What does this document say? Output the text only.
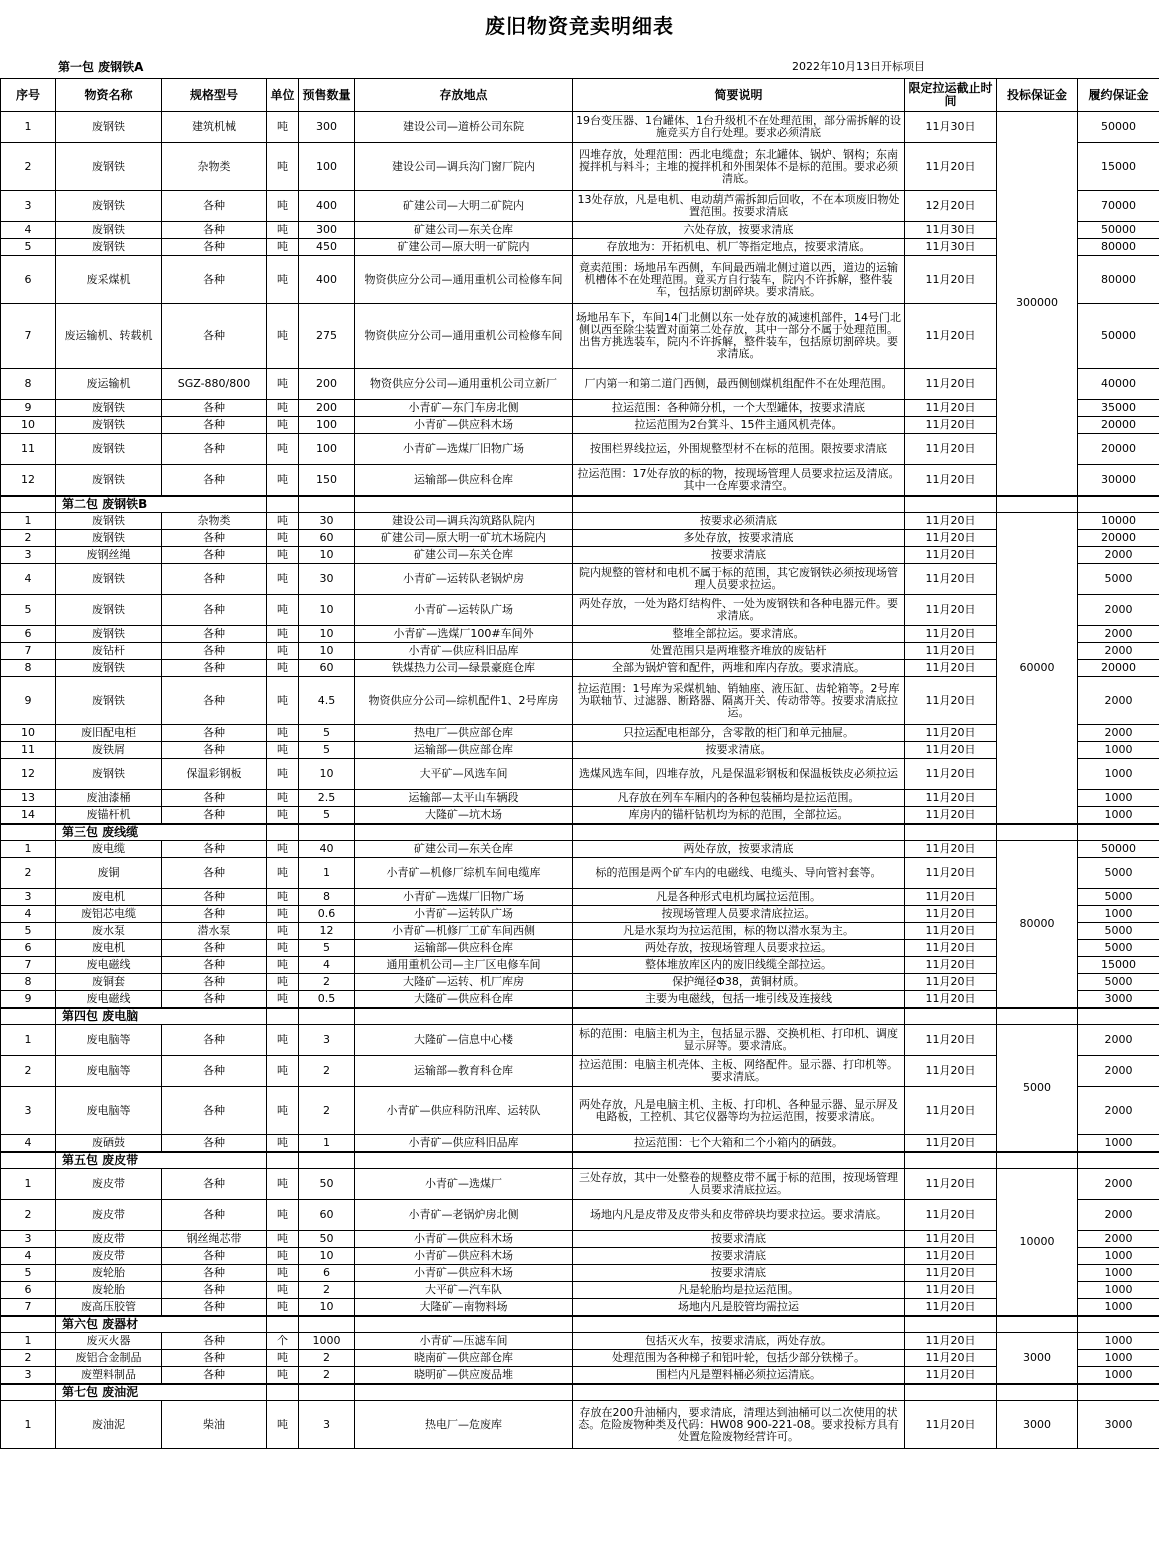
废旧物资竞卖明细表
第一包 废钢铁A	2022年10月13日开标项目
序号	物资名称	规格型号	单位	预售数量	存放地点	简要说明	限定拉运截止时间	投标保证金	履约保证金
1	废钢铁	建筑机械	吨	300	建设公司—道桥公司东院	19台变压器、1台罐体、1台升级机不在处理范围，部分需拆解的设施竞买方自行处理。要求必须清底	11月30日	300000	50000
2	废钢铁	杂物类	吨	100	建设公司—调兵沟门窗厂院内	四堆存放，处理范围：西北电缆盘；东北罐体、锅炉、钢构；东南搅拌机与料斗；主堆的搅拌机和外围架体不是标的范围。要求必须清底。	11月20日		15000
3	废钢铁	各种	吨	400	矿建公司—大明二矿院内	13处存放，凡是电机、电动葫芦需拆卸后回收，不在本项废旧物处置范围。按要求清底	12月20日		70000
4	废钢铁	各种	吨	300	矿建公司—东关仓库	六处存放，按要求清底	11月30日		50000
5	废钢铁	各种	吨	450	矿建公司—原大明一矿院内	存放地为：开拓机电、机厂等指定地点，按要求清底。	11月30日		80000
6	废采煤机	各种	吨	400	物资供应分公司—通用重机公司检修车间	竟卖范围：场地吊车西侧，车间最西端北侧过道以西，道边的运输机槽体不在处理范围。竟买方自行装车，院内不许拆解，整件装车，包括原切割碎块。要求清底。	11月20日		80000
7	废运输机、转载机	各种	吨	275	物资供应分公司—通用重机公司检修车间	场地吊车下，车间14门北侧以东一处存放的减速机部件，14号门北侧以西至除尘装置对面第二处存放，其中一部分不属于处理范围。出售方挑选装车，院内不许拆解，整件装车，包括原切割碎块。要求清底。	11月20日		50000
8	废运输机	SGZ-880/800	吨	200	物资供应分公司—通用重机公司立新厂	厂内第一和第二道门西侧，最西侧刨煤机组配件不在处理范围。	11月20日		40000
9	废钢铁	各种	吨	200	小青矿—东门车房北侧	拉运范围：各种筛分机，一个大型罐体，按要求清底	11月20日		35000
10	废钢铁	各种	吨	100	小青矿—供应科木场	拉运范围为2台箕斗、15件主通风机壳体。	11月20日		20000
11	废钢铁	各种	吨	100	小青矿—选煤厂旧物广场	按围栏界线拉运，外围规整型材不在标的范围。限按要求清底	11月20日		20000
12	废钢铁	各种	吨	150	运输部—供应科仓库	拉运范围：17处存放的标的物，按现场管理人员要求拉运及清底。其中一仓库要求清空。	11月20日		30000
	第二包 废钢铁B								
1	废钢铁	杂物类	吨	30	建设公司—调兵沟筑路队院内	按要求必须清底	11月20日	60000	10000
2	废钢铁	各种	吨	60	矿建公司—原大明一矿坑木场院内	多处存放，按要求清底	11月20日		20000
3	废钢丝绳	各种	吨	10	矿建公司—东关仓库	按要求清底	11月20日		2000
4	废钢铁	各种	吨	30	小青矿—运转队老锅炉房	院内规整的管材和电机不属于标的范围，其它废钢铁必须按现场管理人员要求拉运。	11月20日		5000
5	废钢铁	各种	吨	10	小青矿—运转队广场	两处存放，一处为路灯结构件、一处为废钢铁和各种电器元件。要求清底。	11月20日		2000
6	废钢铁	各种	吨	10	小青矿—选煤厂100#车间外	整堆全部拉运。要求清底。	11月20日		2000
7	废钻杆	各种	吨	10	小青矿—供应科旧品库	处置范围只是两堆整齐堆放的废钻杆	11月20日		2000
8	废钢铁	各种	吨	60	铁煤热力公司—绿景豪庭仓库	全部为锅炉管和配件，两堆和库内存放。要求清底。	11月20日		20000
9	废钢铁	各种	吨	4.5	物资供应分公司—综机配件1、2号库房	拉运范围：1号库为采煤机轴、销轴座、液压缸、齿轮箱等。2号库为联轴节、过滤器、断路器、隔离开关、传动带等。按要求清底拉运。	11月20日		2000
10	废旧配电柜	各种	吨	5	热电厂—供应部仓库	只拉运配电柜部分，含零散的柜门和单元抽屉。	11月20日		2000
11	废铁屑	各种	吨	5	运输部—供应部仓库	按要求清底。	11月20日		1000
12	废钢铁	保温彩钢板	吨	10	大平矿—风选车间	选煤风选车间，四堆存放，凡是保温彩钢板和保温板铁皮必须拉运	11月20日		1000
13	废油漆桶	各种	吨	2.5	运输部—太平山车辆段	凡存放在列车车厢内的各种包装桶均是拉运范围。	11月20日		1000
14	废锚杆机	各种	吨	5	大隆矿—坑木场	库房内的锚杆钻机均为标的范围，全部拉运。	11月20日		1000
	第三包 废线缆								
1	废电缆	各种	吨	40	矿建公司—东关仓库	两处存放，按要求清底	11月20日	80000	50000
2	废铜	各种	吨	1	小青矿—机修厂综机车间电缆库	标的范围是两个矿车内的电磁线、电缆头、导向管衬套等。	11月20日		5000
3	废电机	各种	吨	8	小青矿—选煤厂旧物广场	凡是各种形式电机均属拉运范围。	11月20日		5000
4	废铝芯电缆	各种	吨	0.6	小青矿—运转队广场	按现场管理人员要求清底拉运。	11月20日		1000
5	废水泵	潜水泵	吨	12	小青矿—机修厂工矿车间西侧	凡是水泵均为拉运范围，标的物以潜水泵为主。	11月20日		5000
6	废电机	各种	吨	5	运输部—供应科仓库	两处存放，按现场管理人员要求拉运。	11月20日		5000
7	废电磁线	各种	吨	4	通用重机公司—主厂区电修车间	整体堆放库区内的废旧线缆全部拉运。	11月20日		15000
8	废铜套	各种	吨	2	大隆矿—运转、机厂库房	保护绳径Φ38，黄铜材质。	11月20日		5000
9	废电磁线	各种	吨	0.5	大隆矿—供应科仓库	主要为电磁线，包括一堆引线及连接线	11月20日		3000
	第四包 废电脑								
1	废电脑等	各种	吨	3	大隆矿—信息中心楼	标的范围：电脑主机为主，包括显示器、交换机柜、打印机、调度显示屏等。要求清底。	11月20日	5000	2000
2	废电脑等	各种	吨	2	运输部—教育科仓库	拉运范围：电脑主机壳体、主板、网络配件。显示器、打印机等。要求清底。	11月20日		2000
3	废电脑等	各种	吨	2	小青矿—供应科防汛库、运转队	两处存放，凡是电脑主机、主板、打印机、各种显示器、显示屏及电路板，工控机、其它仪器等均为拉运范围，按要求清底。	11月20日		2000
4	废硒鼓	各种	吨	1	小青矿—供应科旧品库	拉运范围：七个大箱和二个小箱内的硒鼓。	11月20日		1000
	第五包 废皮带								
1	废皮带	各种	吨	50	小青矿—选煤厂	三处存放，其中一处整卷的规整皮带不属于标的范围，按现场管理人员要求清底拉运。	11月20日	10000	2000
2	废皮带	各种	吨	60	小青矿—老锅炉房北侧	场地内凡是皮带及皮带头和皮带碎块均要求拉运。要求清底。	11月20日		2000
3	废皮带	钢丝绳芯带	吨	50	小青矿—供应科木场	按要求清底	11月20日		2000
4	废皮带	各种	吨	10	小青矿—供应科木场	按要求清底	11月20日		1000
5	废轮胎	各种	吨	6	小青矿—供应科木场	按要求清底	11月20日		1000
6	废轮胎	各种	吨	2	大平矿—汽车队	凡是轮胎均是拉运范围。	11月20日		1000
7	废高压胶管	各种	吨	10	大隆矿—南物料场	场地内凡是胶管均需拉运	11月20日		1000
	第六包 废器材								
1	废灭火器	各种	个	1000	小青矿—压滤车间	包括灭火车，按要求清底，两处存放。	11月20日	3000	1000
2	废铝合金制品	各种	吨	2	晓南矿—供应部仓库	处理范围为各种梯子和铝叶轮，包括少部分铁梯子。	11月20日		1000
3	废塑料制品	各种	吨	2	晓明矿—供应废品堆	围栏内凡是塑料桶必须拉运清底。	11月20日		1000
	第七包 废油泥								
1	废油泥	柴油	吨	3	热电厂—危废库	存放在200升油桶内，要求清底，清理达到油桶可以二次使用的状态。危险废物种类及代码：HW08 900-221-08。要求投标方具有处置危险废物经营许可。	11月20日	3000	3000
